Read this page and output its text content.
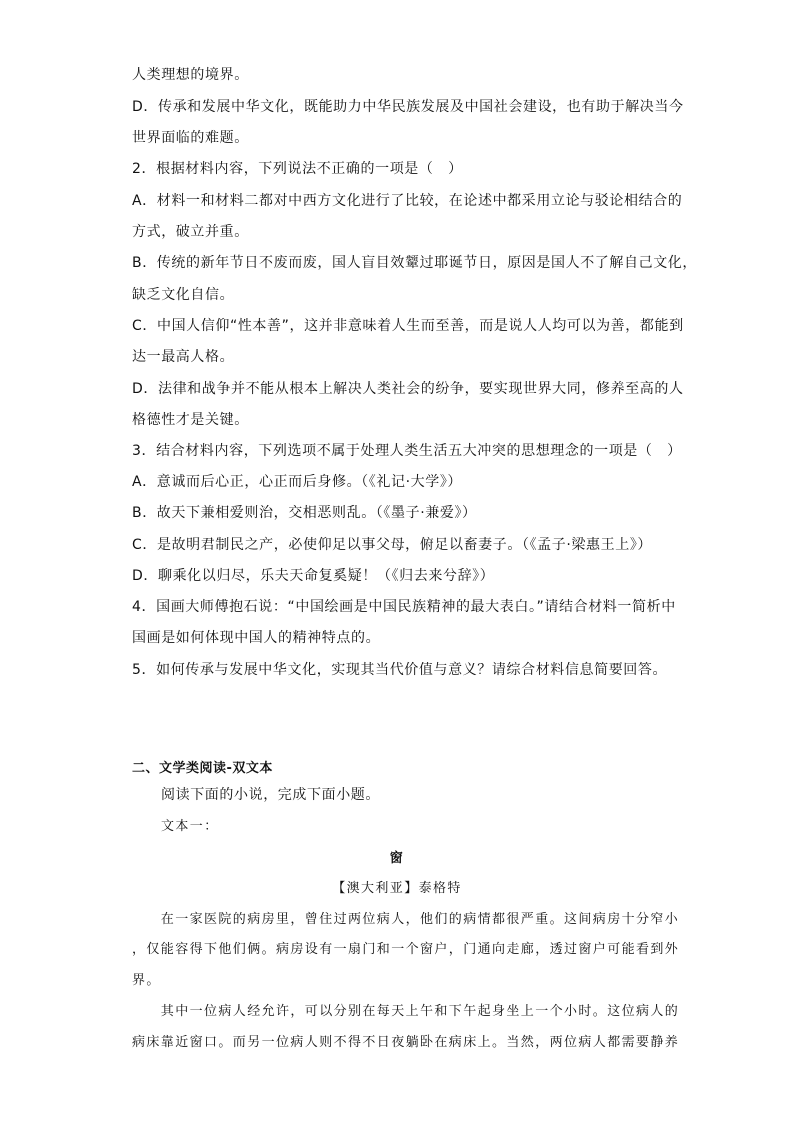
人类理想的境界。
D．传承和发展中华文化，既能助力中华民族发展及中国社会建设，也有助于解决当今
世界面临的难题。
2．根据材料内容，下列说法不正确的一项是（　）
A．材料一和材料二都对中西方文化进行了比较，在论述中都采用立论与驳论相结合的
方式，破立并重。
B．传统的新年节日不废而废，国人盲目效颦过耶诞节日，原因是国人不了解自己文化，
缺乏文化自信。
C．中国人信仰“性本善”，这并非意味着人生而至善，而是说人人均可以为善，都能到
达一最高人格。
D．法律和战争并不能从根本上解决人类社会的纷争，要实现世界大同，修养至高的人
格德性才是关键。
3．结合材料内容，下列选项不属于处理人类生活五大冲突的思想理念的一项是（　）
A．意诚而后心正，心正而后身修。（《礼记·大学》）
B．故天下兼相爱则治，交相恶则乱。（《墨子·兼爱》）
C．是故明君制民之产，必使仰足以事父母，俯足以畜妻子。（《孟子·梁惠王上》）
D．聊乘化以归尽，乐夫天命复奚疑！（《归去来兮辞》）
4．国画大师傅抱石说：“中国绘画是中国民族精神的最大表白。”请结合材料一简析中
国画是如何体现中国人的精神特点的。
5．如何传承与发展中华文化，实现其当代价值与意义？请综合材料信息简要回答。
二、文学类阅读-双文本
阅读下面的小说，完成下面小题。
文本一：
窗
【澳大利亚】泰格特
　　在一家医院的病房里，曾住过两位病人，他们的病情都很严重。这间病房十分窄小
，仅能容得下他们俩。病房设有一扇门和一个窗户，门通向走廊，透过窗户可能看到外
界。
　　其中一位病人经允许，可以分别在每天上午和下午起身坐上一个小时。这位病人的
病床靠近窗口。而另一位病人则不得不日夜躺卧在病床上。当然，两位病人都需要静养
